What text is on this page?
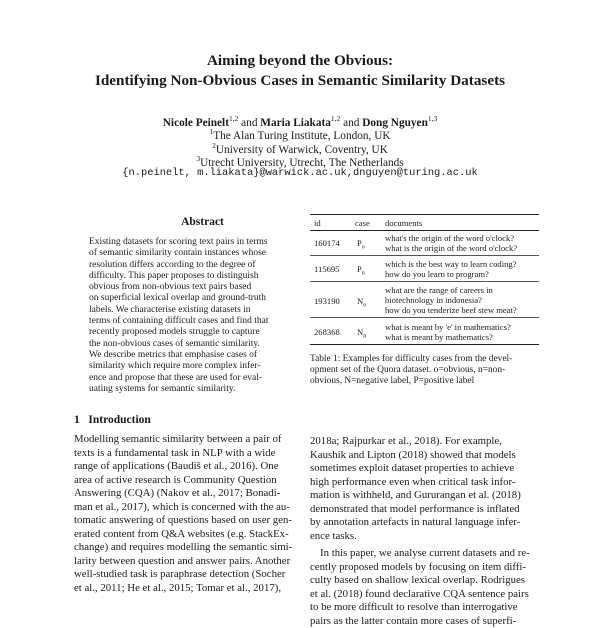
Aiming beyond the Obvious:
Identifying Non-Obvious Cases in Semantic Similarity Datasets
Nicole Peinelt$^{1,2}$ and Maria Liakata$^{1,2}$ and Dong Nguyen$^{1,3}$
$^1$The Alan Turing Institute, London, UK
$^2$University of Warwick, Coventry, UK
$^3$Utrecht University, Utrecht, The Netherlands
{n.peinelt, m.liakata}@warwick.ac.uk,dnguyen@turing.ac.uk
Abstract
Existing datasets for scoring text pairs in terms
of semantic similarity contain instances whose
resolution differs according to the degree of
difficulty. This paper proposes to distinguish
obvious from non-obvious text pairs based
on superficial lexical overlap and ground-truth
labels. We characterise existing datasets in
terms of containing difficult cases and find that
recently proposed models struggle to capture
the non-obvious cases of semantic similarity.
We describe metrics that emphasise cases of
similarity which require more complex infer-
ence and propose that these are used for eval-
uating systems for semantic similarity.
1 Introduction
Modelling semantic similarity between a pair of
texts is a fundamental task in NLP with a wide
range of applications (Baudiš et al., 2016). One
area of active research is Community Question
Answering (CQA) (Nakov et al., 2017; Bonadi-
man et al., 2017), which is concerned with the au-
tomatic answering of questions based on user gen-
erated content from Q&A websites (e.g. StackEx-
change) and requires modelling the semantic simi-
larity between question and answer pairs. Another
well-studied task is paraphrase detection (Socher
et al., 2011; He et al., 2015; Tomar et al., 2017),
id	case documents
160174 $P_o$
what's the origin of the word o'clock?
what is the origin of the word o'clock?
115695 $P_n$
which is the best way to learn coding?
how do you learn to program?
193190 $N_o$
what are the range of careers in
biotechnology in indonesia?
how do you tenderize beef stew meat?
268368 $N_n$
what is meant by 'e' in mathematics?
what is meant by mathematics?
Table 1: Examples for difficulty cases from the devel-
opment set of the Quora dataset. o=obvious, n=non-
obvious, N=negative label, P=positive label
2018a; Rajpurkar et al., 2018). For example,
Kaushik and Lipton (2018) showed that models
sometimes exploit dataset properties to achieve
high performance even when critical task infor-
mation is withheld, and Gururangan et al. (2018)
demonstrated that model performance is inflated
by annotation artefacts in natural language infer-
ence tasks.
In this paper, we analyse current datasets and re-
cently proposed models by focusing on item diffi-
culty based on shallow lexical overlap. Rodrigues
et al. (2018) found declarative CQA sentence pairs
to be more difficult to resolve than interrogative
pairs as the latter contain more cases of superfi-
